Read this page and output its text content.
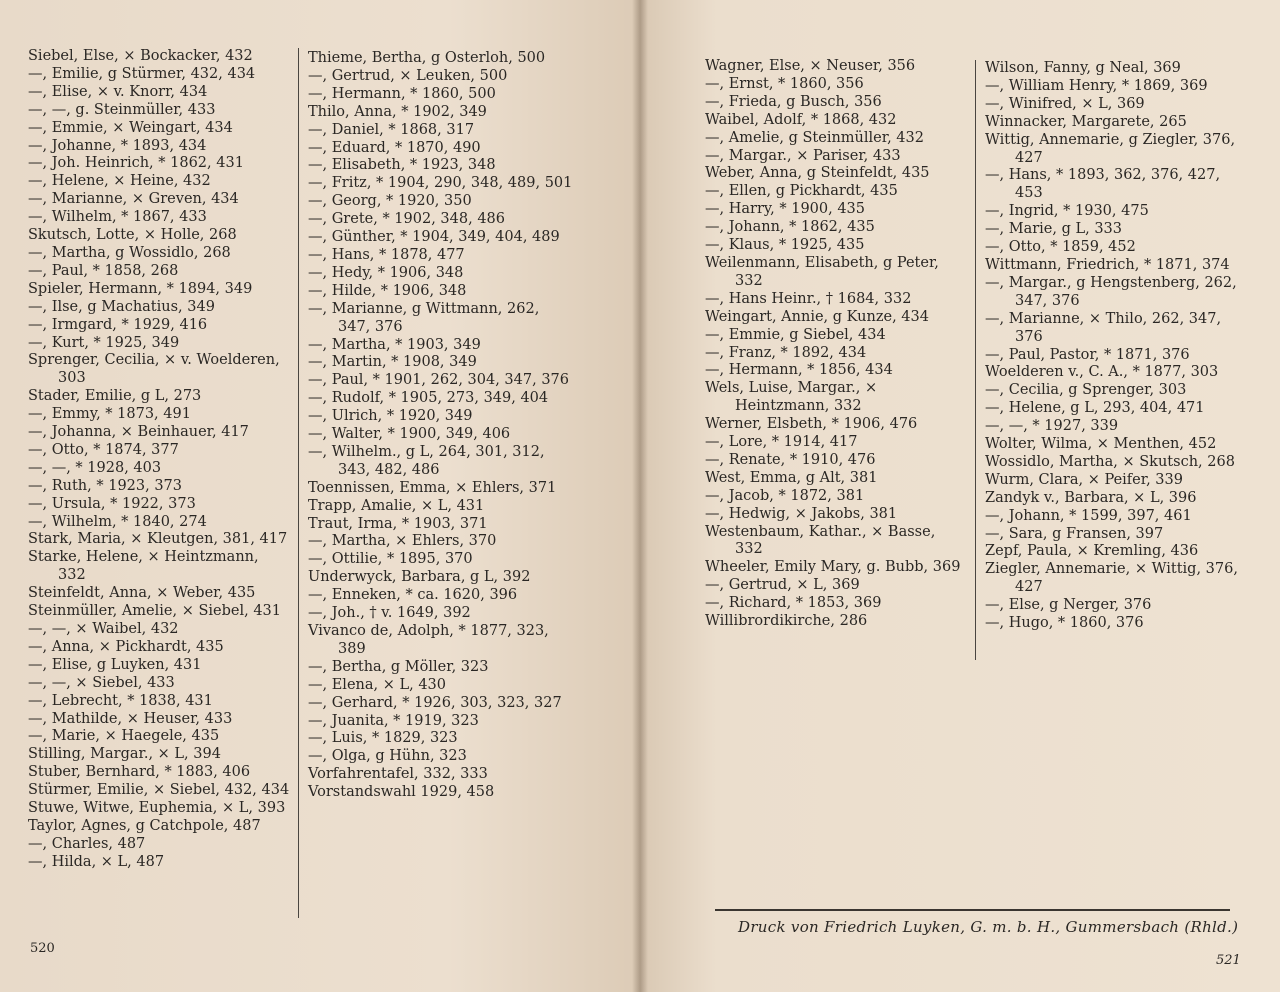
Siebel, Else, × Bockacker, 432
—, Emilie, g Stürmer, 432, 434
—, Elise, × v. Knorr, 434
—, —, g. Steinmüller, 433
—, Emmie, × Weingart, 434
—, Johanne, * 1893, 434
—, Joh. Heinrich, * 1862, 431
—, Helene, × Heine, 432
—, Marianne, × Greven, 434
—, Wilhelm, * 1867, 433
Skutsch, Lotte, × Holle, 268
—, Martha, g Wossidlo, 268
—, Paul, * 1858, 268
Spieler, Hermann, * 1894, 349
—, Ilse, g Machatius, 349
—, Irmgard, * 1929, 416
—, Kurt, * 1925, 349
Sprenger, Cecilia, × v. Woelderen, 303
Stader, Emilie, g L, 273
—, Emmy, * 1873, 491
—, Johanna, × Beinhauer, 417
—, Otto, * 1874, 377
—, —, * 1928, 403
—, Ruth, * 1923, 373
—, Ursula, * 1922, 373
—, Wilhelm, * 1840, 274
Stark, Maria, × Kleutgen, 381, 417
Starke, Helene, × Heintzmann, 332
Steinfeldt, Anna, × Weber, 435
Steinmüller, Amelie, × Siebel, 431
—, —, × Waibel, 432
—, Anna, × Pickhardt, 435
—, Elise, g Luyken, 431
—, —, × Siebel, 433
—, Lebrecht, * 1838, 431
—, Mathilde, × Heuser, 433
—, Marie, × Haegele, 435
Stilling, Margar., × L, 394
Stuber, Bernhard, * 1883, 406
Stürmer, Emilie, × Siebel, 432, 434
Stuwe, Witwe, Euphemia, × L, 393
Taylor, Agnes, g Catchpole, 487
—, Charles, 487
—, Hilda, × L, 487
Thieme, Bertha, g Osterloh, 500
—, Gertrud, × Leuken, 500
—, Hermann, * 1860, 500
Thilo, Anna, * 1902, 349
—, Daniel, * 1868, 317
—, Eduard, * 1870, 490
—, Elisabeth, * 1923, 348
—, Fritz, * 1904, 290, 348, 489, 501
—, Georg, * 1920, 350
—, Grete, * 1902, 348, 486
—, Günther, * 1904, 349, 404, 489
—, Hans, * 1878, 477
—, Hedy, * 1906, 348
—, Hilde, * 1906, 348
—, Marianne, g Wittmann, 262, 347, 376
—, Martha, * 1903, 349
—, Martin, * 1908, 349
—, Paul, * 1901, 262, 304, 347, 376
—, Rudolf, * 1905, 273, 349, 404
—, Ulrich, * 1920, 349
—, Walter, * 1900, 349, 406
—, Wilhelm., g L, 264, 301, 312, 343, 482, 486
Toennissen, Emma, × Ehlers, 371
Trapp, Amalie, × L, 431
Traut, Irma, * 1903, 371
—, Martha, × Ehlers, 370
—, Ottilie, * 1895, 370
Underwyck, Barbara, g L, 392
—, Enneken, * ca. 1620, 396
—, Joh., † v. 1649, 392
Vivanco de, Adolph, * 1877, 323, 389
—, Bertha, g Möller, 323
—, Elena, × L, 430
—, Gerhard, * 1926, 303, 323, 327
—, Juanita, * 1919, 323
—, Luis, * 1829, 323
—, Olga, g Hühn, 323
Vorfahrentafel, 332, 333
Vorstandswahl 1929, 458
520
Wagner, Else, × Neuser, 356
—, Ernst, * 1860, 356
—, Frieda, g Busch, 356
Waibel, Adolf, * 1868, 432
—, Amelie, g Steinmüller, 432
—, Margar., × Pariser, 433
Weber, Anna, g Steinfeldt, 435
—, Ellen, g Pickhardt, 435
—, Harry, * 1900, 435
—, Johann, * 1862, 435
—, Klaus, * 1925, 435
Weilenmann, Elisabeth, g Peter, 332
—, Hans Heinr., † 1684, 332
Weingart, Annie, g Kunze, 434
—, Emmie, g Siebel, 434
—, Franz, * 1892, 434
—, Hermann, * 1856, 434
Wels, Luise, Margar., × Heintzmann, 332
Werner, Elsbeth, * 1906, 476
—, Lore, * 1914, 417
—, Renate, * 1910, 476
West, Emma, g Alt, 381
—, Jacob, * 1872, 381
—, Hedwig, × Jakobs, 381
Westenbaum, Kathar., × Basse, 332
Wheeler, Emily Mary, g. Bubb, 369
—, Gertrud, × L, 369
—, Richard, * 1853, 369
Willibrordikirche, 286
Wilson, Fanny, g Neal, 369
—, William Henry, * 1869, 369
—, Winifred, × L, 369
Winnacker, Margarete, 265
Wittig, Annemarie, g Ziegler, 376, 427
—, Hans, * 1893, 362, 376, 427, 453
—, Ingrid, * 1930, 475
—, Marie, g L, 333
—, Otto, * 1859, 452
Wittmann, Friedrich, * 1871, 374
—, Margar., g Hengstenberg, 262, 347, 376
—, Marianne, × Thilo, 262, 347, 376
—, Paul, Pastor, * 1871, 376
Woelderen v., C. A., * 1877, 303
—, Cecilia, g Sprenger, 303
—, Helene, g L, 293, 404, 471
—, —, * 1927, 339
Wolter, Wilma, × Menthen, 452
Wossidlo, Martha, × Skutsch, 268
Wurm, Clara, × Peifer, 339
Zandyk v., Barbara, × L, 396
—, Johann, * 1599, 397, 461
—, Sara, g Fransen, 397
Zepf, Paula, × Kremling, 436
Ziegler, Annemarie, × Wittig, 376, 427
—, Else, g Nerger, 376
—, Hugo, * 1860, 376
Druck von Friedrich Luyken, G. m. b. H., Gummersbach (Rhld.)
521
